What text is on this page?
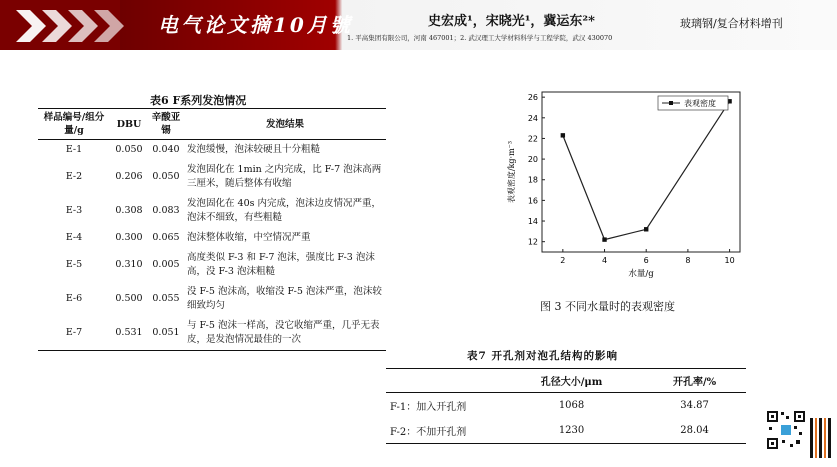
电气论文摘10月號	史宏成¹，宋晓光¹，冀运东²*
1. 平高集团有限公司，河南 467001；2. 武汉理工大学材料科学与工程学院，武汉 430070
玻璃钢/复合材料增刊
表6 F系列发泡情况
样品编号/组分量/g	DBU	辛酸亚锡	发泡结果
E-1	0.050	0.040	发泡缓慢，泡沫较硬且十分粗糙
E-2	0.206	0.050	发泡固化在 1min 之内完成，比 F-7 泡沫高两三厘米，随后整体有收缩
E-3	0.308	0.083	发泡固化在 40s 内完成，泡沫边皮情况严重，泡沫不细致，有些粗糙
E-4	0.300	0.065	泡沫整体收缩，中空情况严重
E-5	0.310	0.005	高度类似 F-3 和 F-7 泡沫，强度比 F-3 泡沫高，没 F-3 泡沫粗糙
E-6	0.500	0.055	没 F-5 泡沫高，收缩没 F-5 泡沫严重，泡沫较细致均匀
E-7	0.531	0.051	与 F-5 泡沫一样高，没它收缩严重，几乎无表皮，是发泡情况最佳的一次
2	4	6	8	10
12
14
16
18
20
22
24
26
水量/g
表观密度/kg·m⁻³
表观密度
图 3 不同水量时的表观密度
表7 开孔剂对泡孔结构的影响
	孔径大小/μm	开孔率/%
F-1：加入开孔剂	1068	34.87
F-2：不加开孔剂	1230	28.04
